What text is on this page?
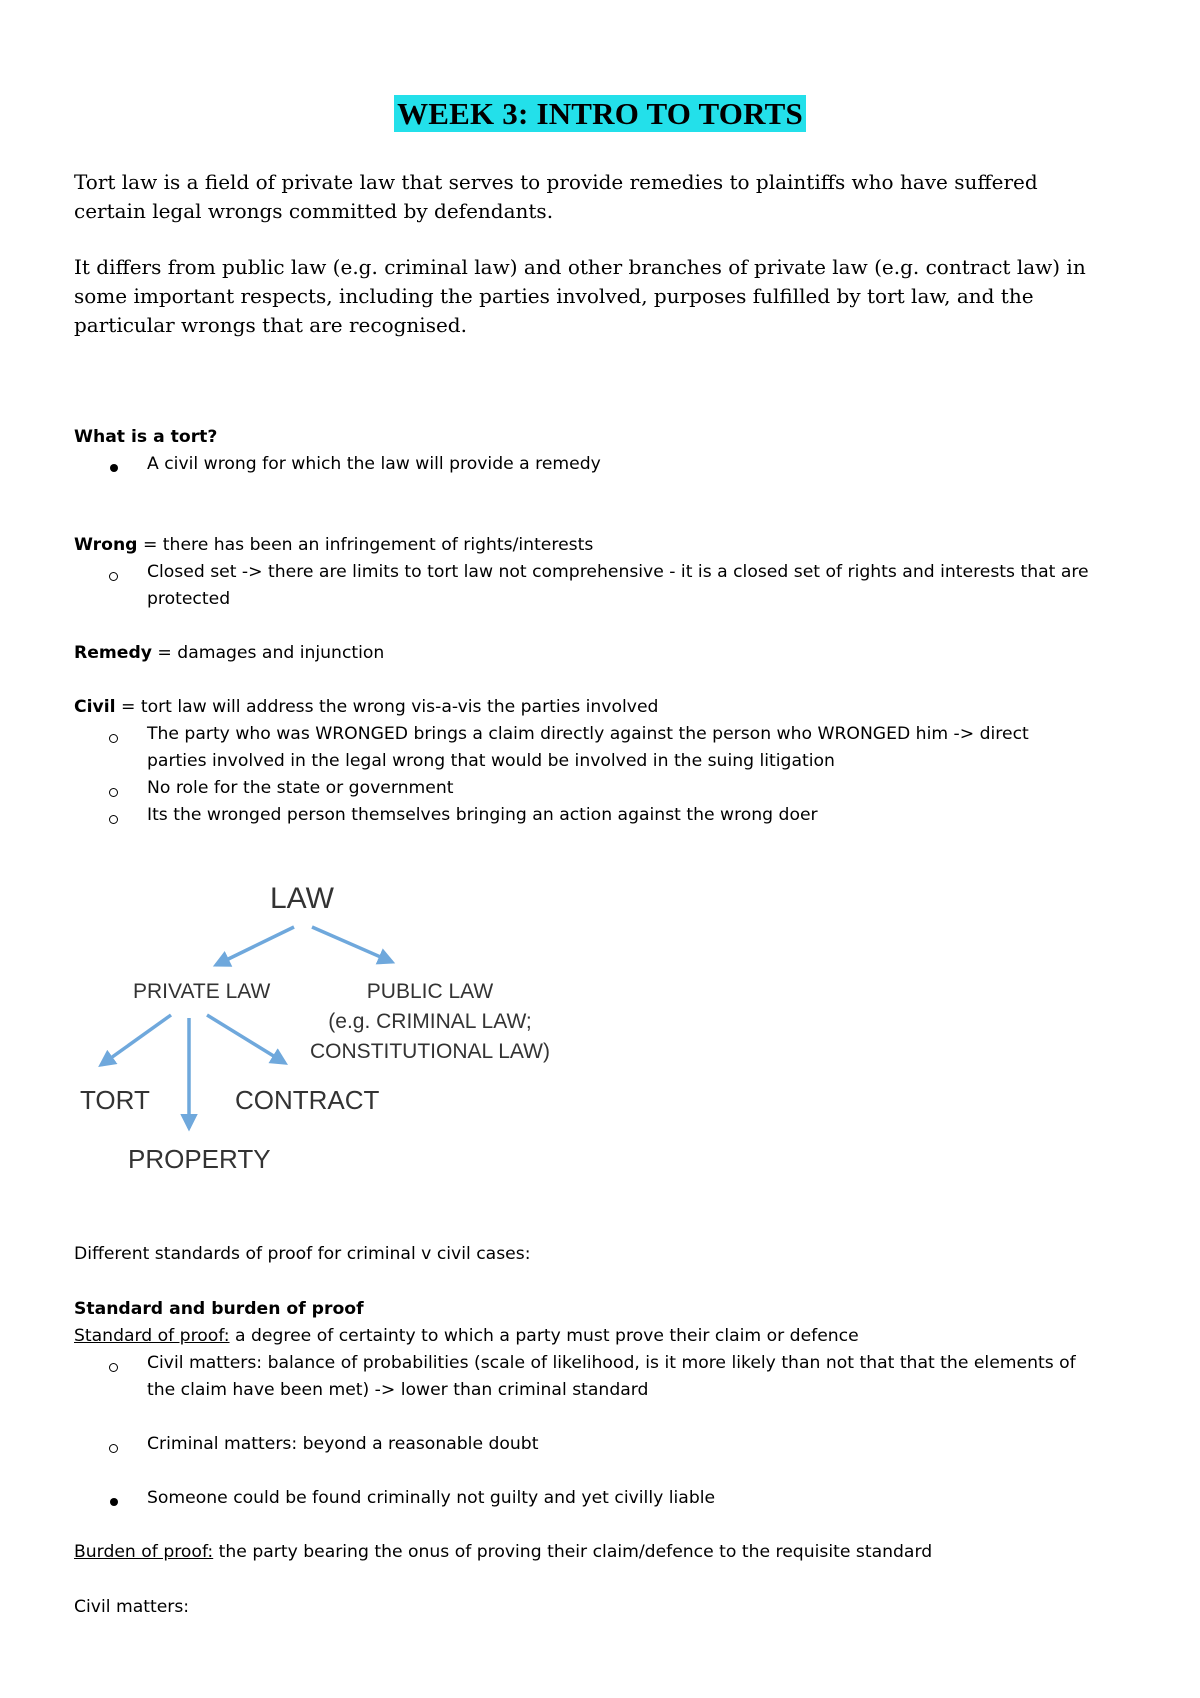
WEEK 3: INTRO TO TORTS
Tort law is a field of private law that serves to provide remedies to plaintiffs who have suffered
certain legal wrongs committed by defendants.
It differs from public law (e.g. criminal law) and other branches of private law (e.g. contract law) in
some important respects, including the parties involved, purposes fulfilled by tort law, and the
particular wrongs that are recognised.
What is a tort?
A civil wrong for which the law will provide a remedy
Wrong = there has been an infringement of rights/interests
Closed set -> there are limits to tort law not comprehensive - it is a closed set of rights and interests that are
protected
Remedy = damages and injunction
Civil = tort law will address the wrong vis-a-vis the parties involved
The party who was WRONGED brings a claim directly against the person who WRONGED him -> direct
parties involved in the legal wrong that would be involved in the suing litigation
No role for the state or government
Its the wronged person themselves bringing an action against the wrong doer
LAW
PRIVATE LAW	PUBLIC LAW
(e.g. CRIMINAL LAW;
CONSTITUTIONAL LAW)
TORT	CONTRACT
PROPERTY
Different standards of proof for criminal v civil cases:
Standard and burden of proof
Standard of proof: a degree of certainty to which a party must prove their claim or defence
Civil matters: balance of probabilities (scale of likelihood, is it more likely than not that that the elements of
the claim have been met) -> lower than criminal standard
Criminal matters: beyond a reasonable doubt
Someone could be found criminally not guilty and yet civilly liable
Burden of proof: the party bearing the onus of proving their claim/defence to the requisite standard
Civil matters:
